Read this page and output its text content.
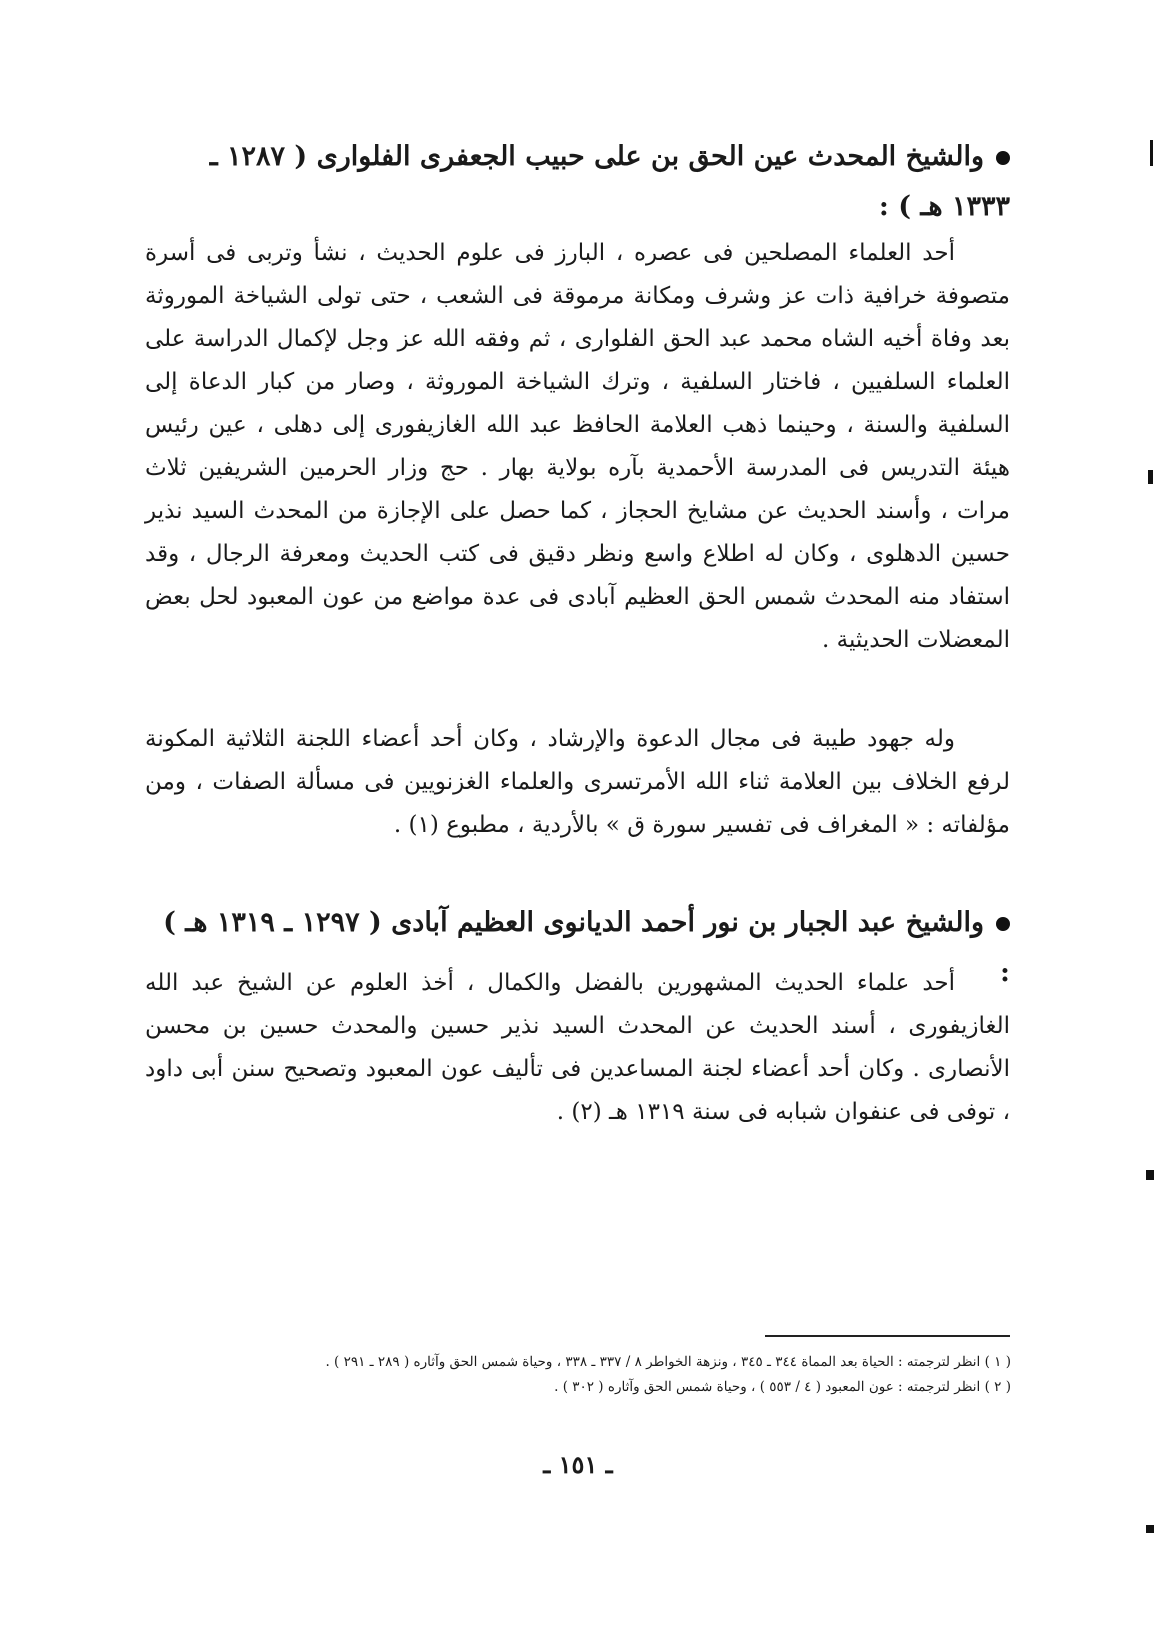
والشيخ المحدث عين الحق بن على حبيب الجعفرى الفلوارى ( ١٢٨٧ ـ ١٣٣٣ هـ ) :

أحد العلماء المصلحين فى عصره ، البارز فى علوم الحديث ، نشأ وتربى فى أسرة متصوفة خرافية ذات عز وشرف ومكانة مرموقة فى الشعب ، حتى تولى الشياخة الموروثة بعد وفاة أخيه الشاه محمد عبد الحق الفلوارى ، ثم وفقه الله عز وجل لإكمال الدراسة على العلماء السلفيين ، فاختار السلفية ، وترك الشياخة الموروثة ، وصار من كبار الدعاة إلى السلفية والسنة ، وحينما ذهب العلامة الحافظ عبد الله الغازيفورى إلى دهلى ، عين رئيس هيئة التدريس فى المدرسة الأحمدية بآره بولاية بهار . حج وزار الحرمين الشريفين ثلاث مرات ، وأسند الحديث عن مشايخ الحجاز ، كما حصل على الإجازة من المحدث السيد نذير حسين الدهلوى ، وكان له اطلاع واسع ونظر دقيق فى كتب الحديث ومعرفة الرجال ، وقد استفاد منه المحدث شمس الحق العظيم آبادى فى عدة مواضع من عون المعبود لحل بعض المعضلات الحديثية .

وله جهود طيبة فى مجال الدعوة والإرشاد ، وكان أحد أعضاء اللجنة الثلاثية المكونة لرفع الخلاف بين العلامة ثناء الله الأمرتسرى والعلماء الغزنويين فى مسألة الصفات ، ومن مؤلفاته : « المغراف فى تفسير سورة ق » بالأردية ، مطبوع (١) .

والشيخ عبد الجبار بن نور أحمد الديانوى العظيم آبادى ( ١٢٩٧ ـ ١٣١٩ هـ ) :

أحد علماء الحديث المشهورين بالفضل والكمال ، أخذ العلوم عن الشيخ عبد الله الغازيفورى ، أسند الحديث عن المحدث السيد نذير حسين والمحدث حسين بن محسن الأنصارى . وكان أحد أعضاء لجنة المساعدين فى تأليف عون المعبود وتصحيح سنن أبى داود ، توفى فى عنفوان شبابه فى سنة ١٣١٩ هـ (٢) .

( ١ ) انظر لترجمته : الحياة بعد المماة ٣٤٤ ـ ٣٤٥ ، ونزهة الخواطر ٨ / ٣٣٧ ـ ٣٣٨ ، وحياة شمس الحق وآثاره ( ٢٨٩ ـ ٢٩١ ) .
( ٢ ) انظر لترجمته : عون المعبود ( ٤ / ٥٥٣ ) ، وحياة شمس الحق وآثاره ( ٣٠٢ ) .
ـ ١٥١ ـ
